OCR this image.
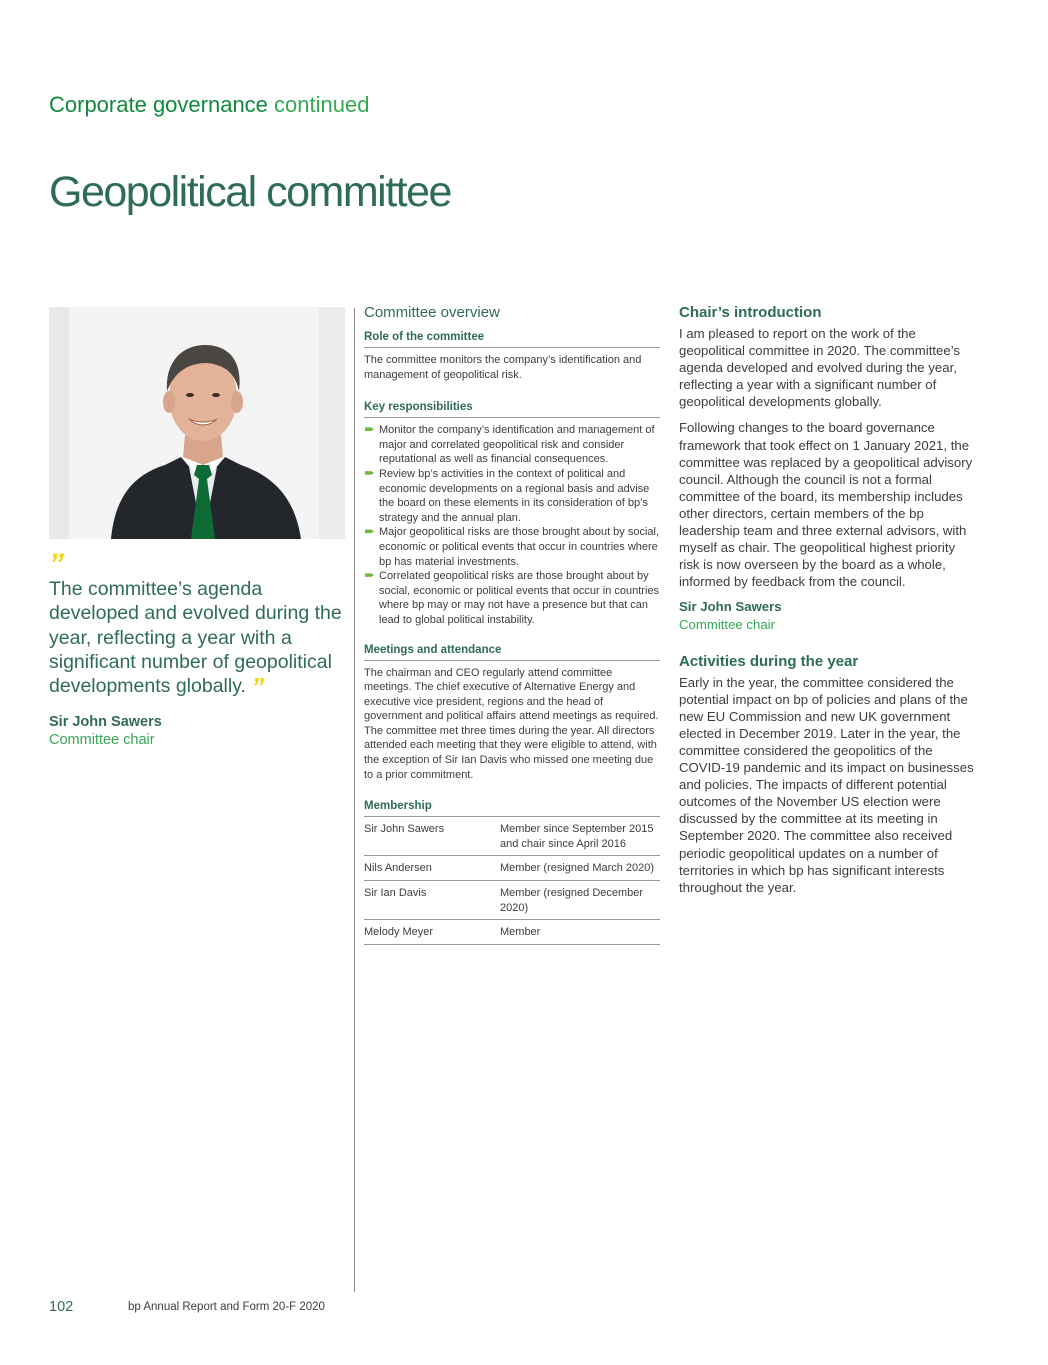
Corporate governance continued
Geopolitical committee
”
The committee’s agenda developed and evolved during the year, reflecting a year with a significant number of geopolitical developments globally. ”
Sir John Sawers
Committee chair
Committee overview
Role of the committee
The committee monitors the company’s identification and management of geopolitical risk.
Key responsibilities
Monitor the company’s identification and management of major and correlated geopolitical risk and consider reputational as well as financial consequences.
Review bp’s activities in the context of political and economic developments on a regional basis and advise the board on these elements in its consideration of bp’s strategy and the annual plan.
Major geopolitical risks are those brought about by social, economic or political events that occur in countries where bp has material investments.
Correlated geopolitical risks are those brought about by social, economic or political events that occur in countries where bp may or may not have a presence but that can lead to global political instability.
Meetings and attendance
The chairman and CEO regularly attend committee meetings. The chief executive of Alternative Energy and executive vice president, regions and the head of government and political affairs attend meetings as required. The committee met three times during the year. All directors attended each meeting that they were eligible to attend, with the exception of Sir Ian Davis who missed one meeting due to a prior commitment.
Membership
Sir John Sawers	Member since September 2015 and chair since April 2016
Nils Andersen	Member (resigned March 2020)
Sir Ian Davis	Member (resigned December 2020)
Melody Meyer	Member
Chair’s introduction

I am pleased to report on the work of the geopolitical committee in 2020. The committee’s agenda developed and evolved during the year, reflecting a year with a significant number of geopolitical developments globally.

Following changes to the board governance framework that took effect on 1 January 2021, the committee was replaced by a geopolitical advisory council. Although the council is not a formal committee of the board, its membership includes other directors, certain members of the bp leadership team and three external advisors, with myself as chair. The geopolitical highest priority risk is now overseen by the board as a whole, informed by feedback from the council.

Sir John Sawers
Committee chair
Activities during the year

Early in the year, the committee considered the potential impact on bp of policies and plans of the new EU Commission and new UK government elected in December 2019. Later in the year, the committee considered the geopolitics of the COVID-19 pandemic and its impact on businesses and policies. The impacts of different potential outcomes of the November US election were discussed by the committee at its meeting in September 2020. The committee also received periodic geopolitical updates on a number of territories in which bp has significant interests throughout the year.

102	bp Annual Report and Form 20-F 2020
